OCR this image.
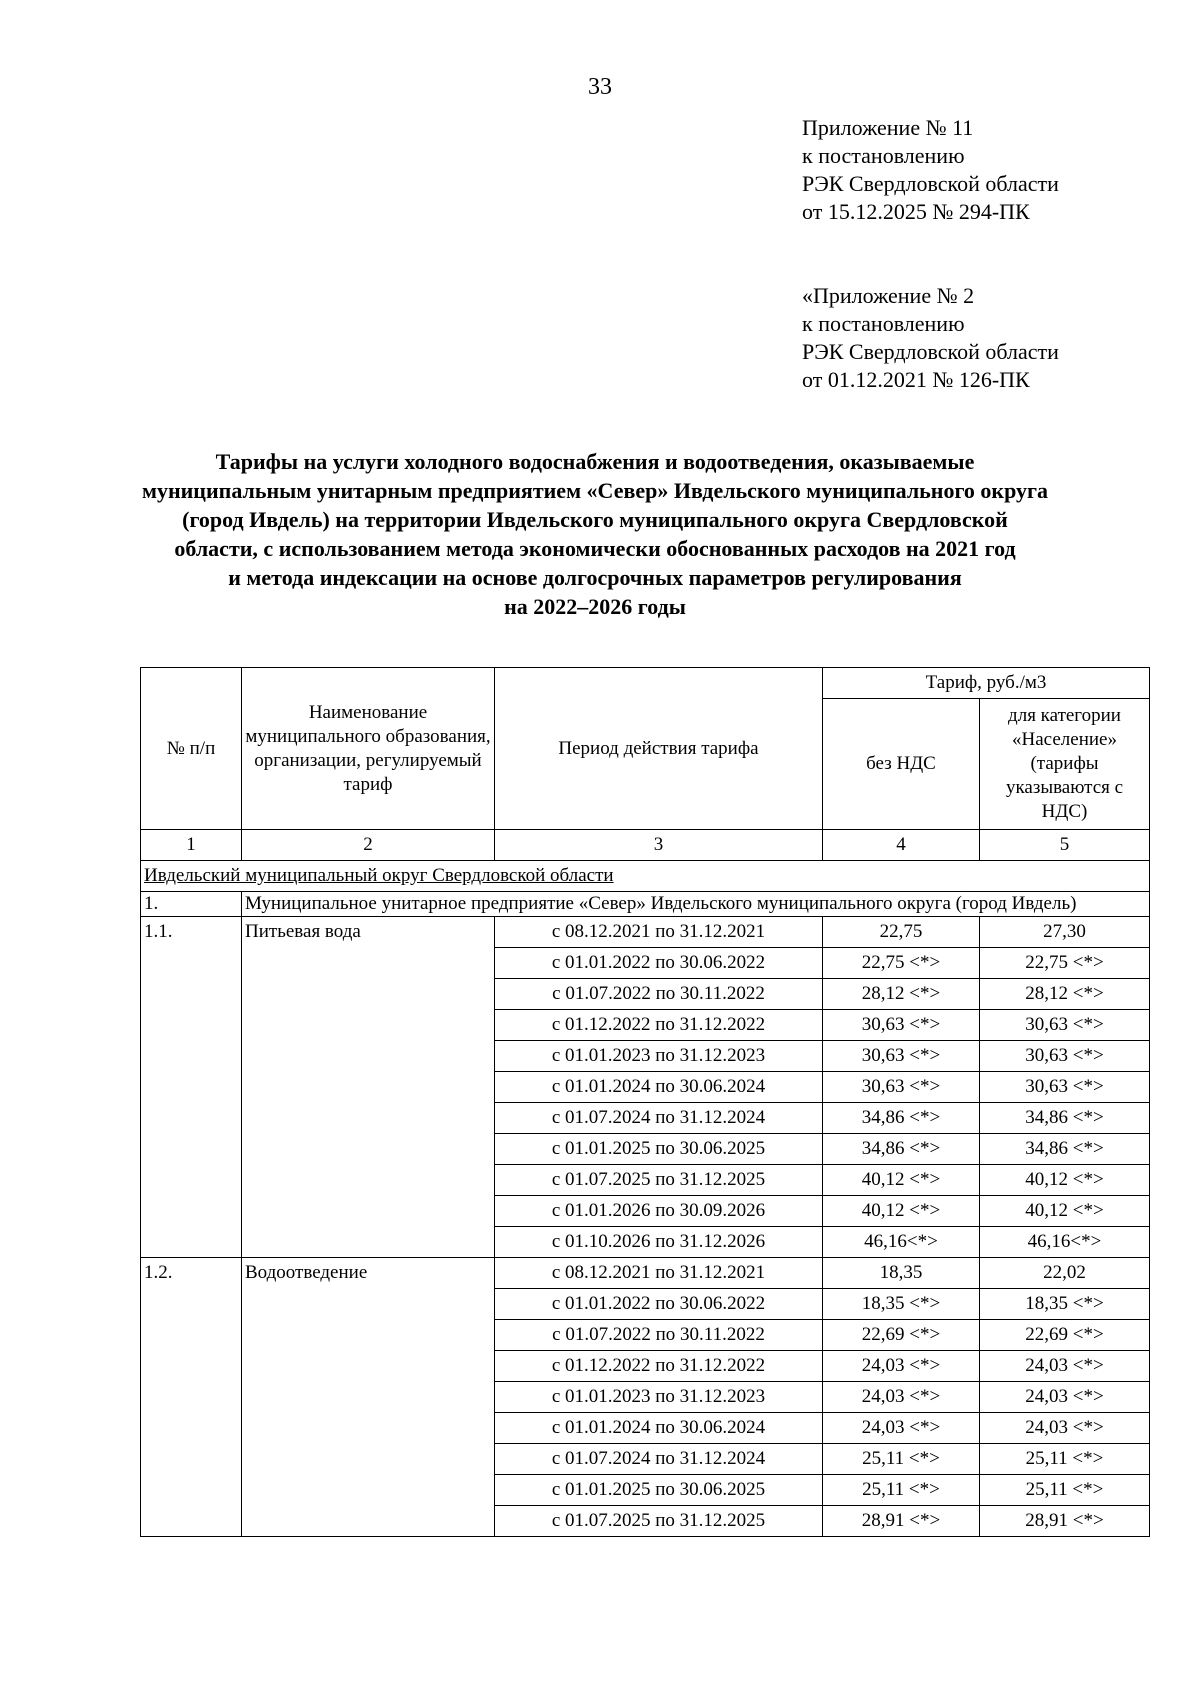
33
Приложение № 11
к постановлению
РЭК Свердловской области
от 15.12.2025 № 294-ПК
«Приложение № 2
к постановлению
РЭК Свердловской области
от 01.12.2021 № 126-ПК
Тарифы на услуги холодного водоснабжения и водоотведения, оказываемые
муниципальным унитарным предприятием «Север» Ивдельского муниципального округа
(город Ивдель) на территории Ивдельского муниципального округа Свердловской
области, с использованием метода экономически обоснованных расходов на 2021 год
и метода индексации на основе долгосрочных параметров регулирования
на 2022–2026 годы
№ п/п	Наименование муниципального образования, организации, регулируемый тариф	Период действия тарифа	Тариф, руб./м3	
			без НДС	для категории «Население» (тарифы указываются с НДС)
1	2	3	4	5
Ивдельский муниципальный округ Свердловской области				
1.	Муниципальное унитарное предприятие «Север» Ивдельского муниципального округа (город Ивдель)			
1.1.	Питьевая вода	с 08.12.2021 по 31.12.2021	22,75	27,30
		с 01.01.2022 по 30.06.2022	22,75 <*>	22,75 <*>
		с 01.07.2022 по 30.11.2022	28,12 <*>	28,12 <*>
		с 01.12.2022 по 31.12.2022	30,63 <*>	30,63 <*>
		с 01.01.2023 по 31.12.2023	30,63 <*>	30,63 <*>
		с 01.01.2024 по 30.06.2024	30,63 <*>	30,63 <*>
		с 01.07.2024 по 31.12.2024	34,86 <*>	34,86 <*>
		с 01.01.2025 по 30.06.2025	34,86 <*>	34,86 <*>
		с 01.07.2025 по 31.12.2025	40,12 <*>	40,12 <*>
		с 01.01.2026 по 30.09.2026	40,12 <*>	40,12 <*>
		с 01.10.2026 по 31.12.2026	46,16<*>	46,16<*>
1.2.	Водоотведение	с 08.12.2021 по 31.12.2021	18,35	22,02
		с 01.01.2022 по 30.06.2022	18,35 <*>	18,35 <*>
		с 01.07.2022 по 30.11.2022	22,69 <*>	22,69 <*>
		с 01.12.2022 по 31.12.2022	24,03 <*>	24,03 <*>
		с 01.01.2023 по 31.12.2023	24,03 <*>	24,03 <*>
		с 01.01.2024 по 30.06.2024	24,03 <*>	24,03 <*>
		с 01.07.2024 по 31.12.2024	25,11 <*>	25,11 <*>
		с 01.01.2025 по 30.06.2025	25,11 <*>	25,11 <*>
		с 01.07.2025 по 31.12.2025	28,91 <*>	28,91 <*>
